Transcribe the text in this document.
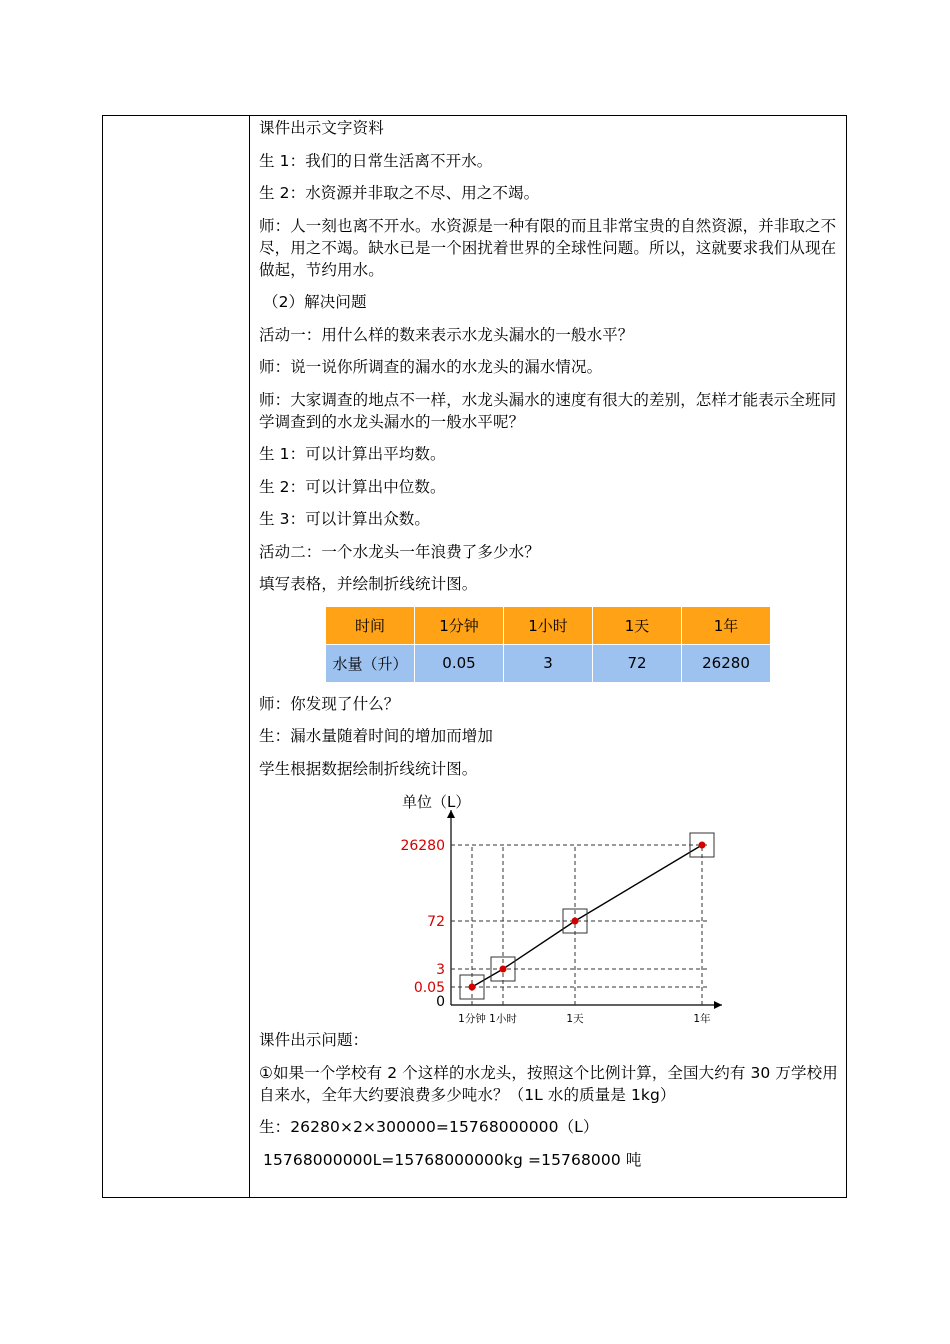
课件出示文字资料

生 1：我们的日常生活离不开水。

生 2：水资源并非取之不尽、用之不竭。

师：人一刻也离不开水。水资源是一种有限的而且非常宝贵的自然资源，并非取之不尽，用之不竭。缺水已是一个困扰着世界的全球性问题。所以，这就要求我们从现在做起，节约用水。

（2）解决问题

活动一：用什么样的数来表示水龙头漏水的一般水平？

师：说一说你所调查的漏水的水龙头的漏水情况。

师：大家调查的地点不一样，水龙头漏水的速度有很大的差别，怎样才能表示全班同学调查到的水龙头漏水的一般水平呢？

生 1：可以计算出平均数。

生 2：可以计算出中位数。

生 3：可以计算出众数。

活动二：一个水龙头一年浪费了多少水？

填写表格，并绘制折线统计图。

时间	1分钟	1小时	1天	1年
水量（升）	0.05	3	72	26280

师：你发现了什么？

生：漏水量随着时间的增加而增加

学生根据数据绘制折线统计图。

0
0.05
3
72
26280
1分钟 1小时	1天	1年
单位（L）

课件出示问题：

①如果一个学校有 2 个这样的水龙头，按照这个比例计算，全国大约有 30 万学校用自来水，全年大约要浪费多少吨水？（1L 水的质量是 1kg）

生：26280×2×300000=15768000000（L）

15768000000L=15768000000kg =15768000 吨
